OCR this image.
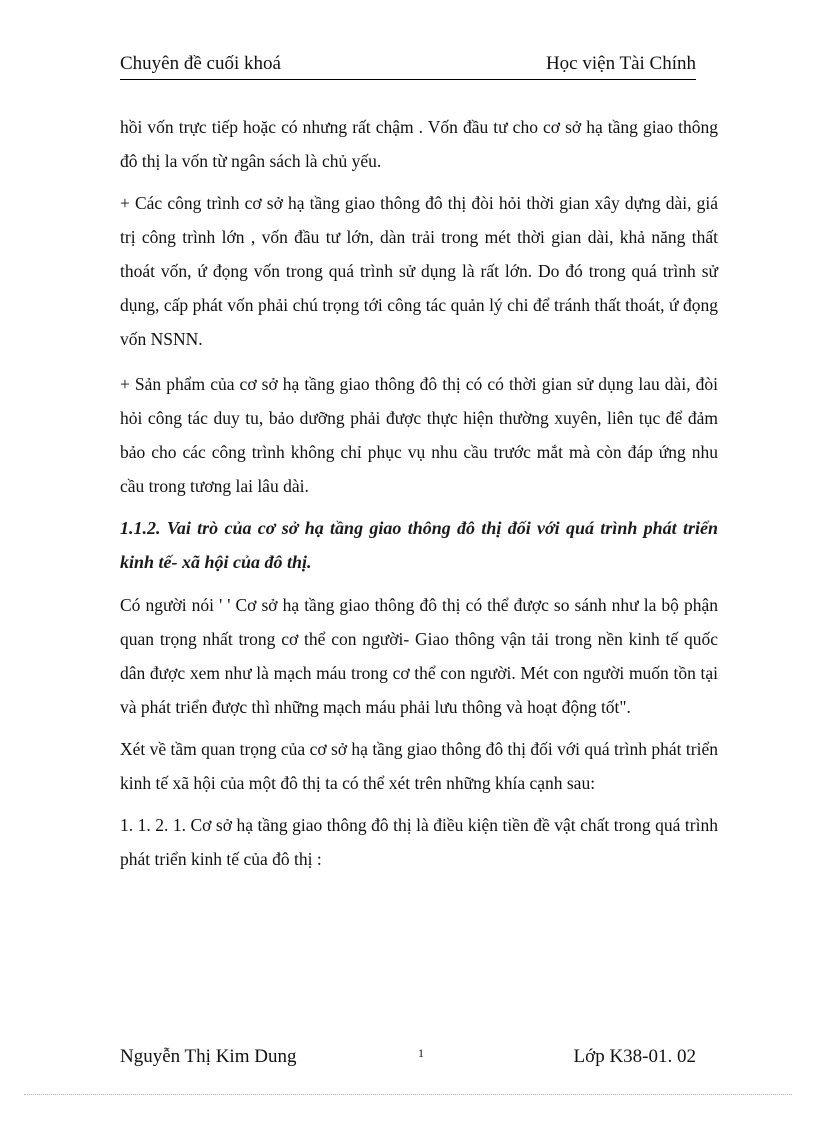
Chuyên đề cuối khoá	Học viện Tài Chính

hồi vốn trực tiếp hoặc có nhưng rất chậm . Vốn đầu tư cho cơ sở hạ tầng giao thông đô thị la vốn từ ngân sách là chủ yếu.

+ Các công trình cơ sở hạ tầng giao thông đô thị đòi hỏi thời gian xây dựng dài, giá trị công trình lớn , vốn đầu tư lớn, dàn trải trong mét thời gian dài, khả năng thất thoát vốn, ứ đọng vốn trong quá trình sử dụng là rất lớn. Do đó trong quá trình sử dụng, cấp phát vốn phải chú trọng tới công tác quản lý chi để tránh thất thoát, ứ đọng vốn NSNN.

+ Sản phẩm của cơ sở hạ tầng giao thông đô thị có có thời gian sử dụng lau dài, đòi hỏi công tác duy tu, bảo dưỡng phải được thực hiện thường xuyên, liên tục để đảm bảo cho các công trình không chỉ phục vụ nhu cầu trước mắt mà còn đáp ứng nhu cầu trong tương lai lâu dài.

1.1.2. Vai trò của cơ sở hạ tầng giao thông đô thị đối với quá trình phát triển kinh tế- xã hội của đô thị.

Có người nói ' ' Cơ sở hạ tầng giao thông đô thị có thể được so sánh như la bộ phận quan trọng nhất trong cơ thể con người- Giao thông vận tải trong nền kinh tế quốc dân được xem như là mạch máu trong cơ thể con người. Mét con người muốn tồn tại và phát triển được thì những mạch máu phải lưu thông và hoạt động tốt".

Xét về tầm quan trọng của cơ sở hạ tầng giao thông đô thị đối với quá trình phát triển kinh tế xã hội của một đô thị ta có thể xét trên những khía cạnh sau:

1. 1. 2. 1. Cơ sở hạ tầng giao thông đô thị là điều kiện tiền đề vật chất trong quá trình phát triển kinh tế của đô thị :

Nguyễn Thị Kim Dung	1	Lớp K38-01. 02
